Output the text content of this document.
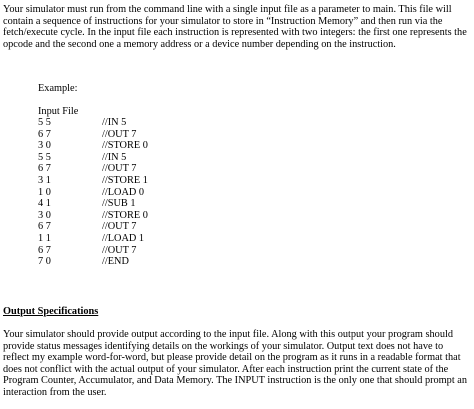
Your simulator must run from the command line with a single input file as a parameter to main. This file will contain a sequence of instructions for your simulator to store in “Instruction Memory” and then run via the fetch/execute cycle. In the input file each instruction is represented with two integers: the first one represents the opcode and the second one a memory address or a device number depending on the instruction.

Example:

Input File

5 5	//IN 5
6 7	//OUT 7
3 0	//STORE 0
5 5	//IN 5
6 7	//OUT 7
3 1	//STORE 1
1 0	//LOAD 0
4 1	//SUB 1
3 0	//STORE 0
6 7	//OUT 7
1 1	//LOAD 1
6 7	//OUT 7
7 0	//END

Output Specifications

Your simulator should provide output according to the input file. Along with this output your program should provide status messages identifying details on the workings of your simulator. Output text does not have to reflect my example word-for-word, but please provide detail on the program as it runs in a readable format that does not conflict with the actual output of your simulator. After each instruction print the current state of the Program Counter, Accumulator, and Data Memory. The INPUT instruction is the only one that should prompt an interaction from the user.
